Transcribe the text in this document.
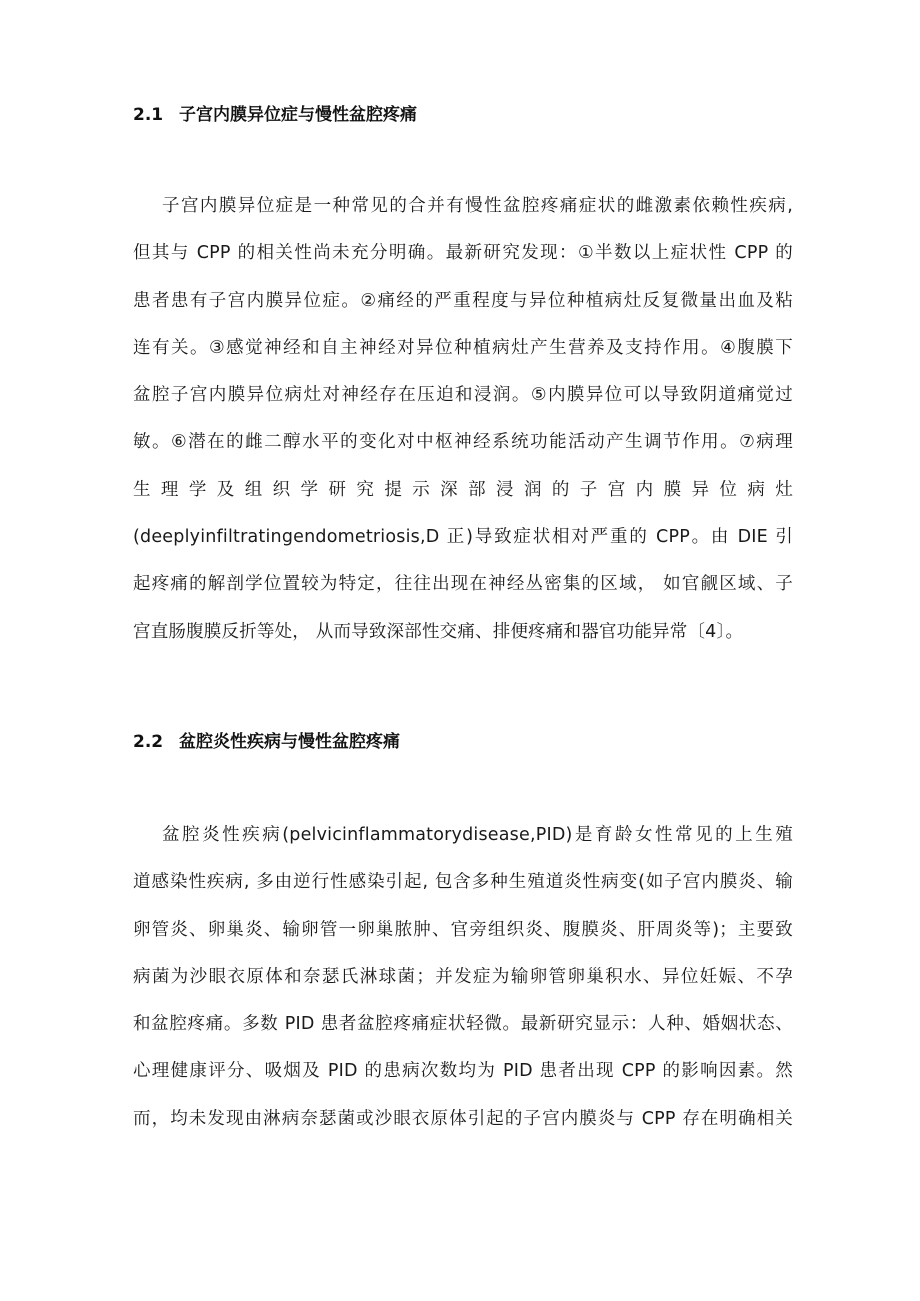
2.1 子宫内膜异位症与慢性盆腔疼痛
子宫内膜异位症是一种常见的合并有慢性盆腔疼痛症状的雌激素依赖性疾病,
但其与 CPP 的相关性尚未充分明确。最新研究发现：①半数以上症状性 CPP 的
患者患有子宫内膜异位症。②痛经的严重程度与异位种植病灶反复微量出血及粘
连有关。③感觉神经和自主神经对异位种植病灶产生营养及支持作用。④腹膜下
盆腔子宫内膜异位病灶对神经存在压迫和浸润。⑤内膜异位可以导致阴道痛觉过
敏。⑥潜在的雌二醇水平的变化对中枢神经系统功能活动产生调节作用。⑦病理
生理学及组织学研究提示深部浸润的子宫内膜异位病灶
(deeplyinfiltratingendometriosis,D 正)导致症状相对严重的 CPP。由 DIE 引
起疼痛的解剖学位置较为特定，往往出现在神经丛密集的区域， 如官觎区域、子
宫直肠腹膜反折等处， 从而导致深部性交痛、排便疼痛和器官功能异常〔4〕。
2.2 盆腔炎性疾病与慢性盆腔疼痛
盆腔炎性疾病(pelvicinflammatorydisease,PID)是育龄女性常见的上生殖
道感染性疾病, 多由逆行性感染引起, 包含多种生殖道炎性病变(如子宫内膜炎、输
卵管炎、卵巢炎、输卵管一卵巢脓肿、官旁组织炎、腹膜炎、肝周炎等)；主要致
病菌为沙眼衣原体和奈瑟氏淋球菌；并发症为输卵管卵巢积水、异位妊娠、不孕
和盆腔疼痛。多数 PID 患者盆腔疼痛症状轻微。最新研究显示：人种、婚姻状态、
心理健康评分、吸烟及 PID 的患病次数均为 PID 患者出现 CPP 的影响因素。然
而，均未发现由淋病奈瑟菌或沙眼衣原体引起的子宫内膜炎与 CPP 存在明确相关
